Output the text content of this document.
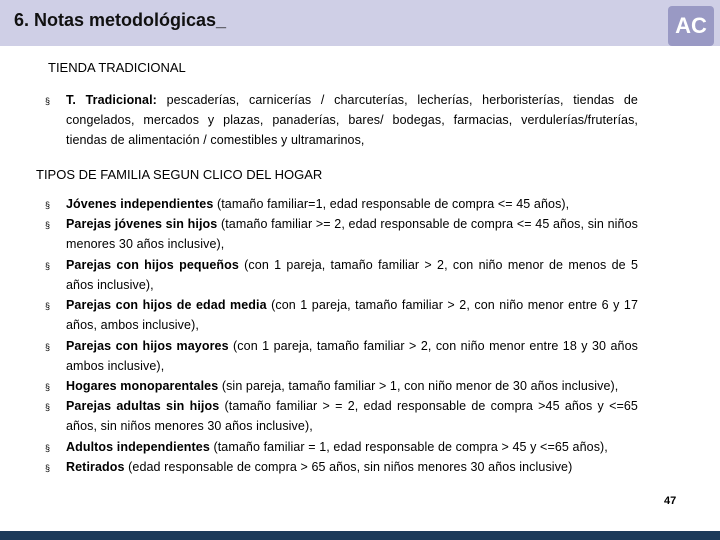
6. Notas metodológicas_	AC
TIENDA TRADICIONAL
§ T. Tradicional: pescaderías, carnicerías / charcuterías, lecherías, herboristerías, tiendas de congelados, mercados y plazas, panaderías, bares/ bodegas, farmacias, verdulerías/fruterías, tiendas de alimentación / comestibles y ultramarinos,
TIPOS DE FAMILIA SEGUN CLICO DEL HOGAR
§ Jóvenes independientes (tamaño familiar=1, edad responsable de compra <= 45 años),
§ Parejas jóvenes sin hijos (tamaño familiar >= 2, edad responsable de compra <= 45 años, sin niños menores 30 años inclusive),
§ Parejas con hijos pequeños (con 1 pareja, tamaño familiar > 2, con niño menor de menos de 5 años inclusive),
§ Parejas con hijos de edad media (con 1 pareja, tamaño familiar > 2, con niño menor entre 6 y 17 años, ambos inclusive),
§ Parejas con hijos mayores (con 1 pareja, tamaño familiar > 2, con niño menor entre 18 y 30 años ambos inclusive),
§ Hogares monoparentales (sin pareja, tamaño familiar > 1, con niño menor de 30 años inclusive),
§ Parejas adultas sin hijos (tamaño familiar > = 2, edad responsable de compra >45 años y <=65 años, sin niños menores 30 años inclusive),
§ Adultos independientes (tamaño familiar = 1, edad responsable de compra > 45 y <=65 años),
§ Retirados (edad responsable de compra > 65 años, sin niños menores 30 años inclusive)
47
